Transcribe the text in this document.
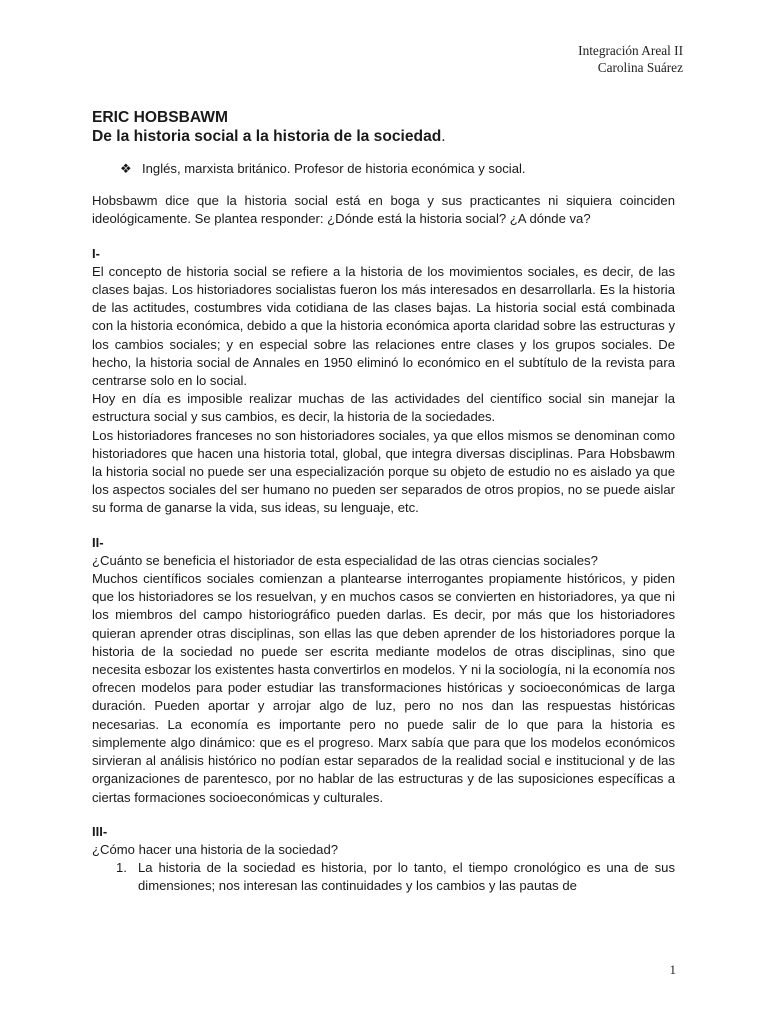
Integración Areal II
Carolina Suárez
ERIC HOBSBAWM
De la historia social a la historia de la sociedad.
❖ Inglés, marxista británico. Profesor de historia económica y social.

Hobsbawm dice que la historia social está en boga y sus practicantes ni siquiera coinciden ideológicamente. Se plantea responder: ¿Dónde está la historia social? ¿A dónde va?

I-

El concepto de historia social se refiere a la historia de los movimientos sociales, es decir, de las clases bajas. Los historiadores socialistas fueron los más interesados en desarrollarla. Es la historia de las actitudes, costumbres vida cotidiana de las clases bajas. La historia social está combinada con la historia económica, debido a que la historia económica aporta claridad sobre las estructuras y los cambios sociales; y en especial sobre las relaciones entre clases y los grupos sociales. De hecho, la historia social de Annales en 1950 eliminó lo económico en el subtítulo de la revista para centrarse solo en lo social.

Hoy en día es imposible realizar muchas de las actividades del científico social sin manejar la estructura social y sus cambios, es decir, la historia de la sociedades.

Los historiadores franceses no son historiadores sociales, ya que ellos mismos se denominan como historiadores que hacen una historia total, global, que integra diversas disciplinas. Para Hobsbawm la historia social no puede ser una especialización porque su objeto de estudio no es aislado ya que los aspectos sociales del ser humano no pueden ser separados de otros propios, no se puede aislar su forma de ganarse la vida, sus ideas, su lenguaje, etc.

II-

¿Cuánto se beneficia el historiador de esta especialidad de las otras ciencias sociales?

Muchos científicos sociales comienzan a plantearse interrogantes propiamente históricos, y piden que los historiadores se los resuelvan, y en muchos casos se convierten en historiadores, ya que ni los miembros del campo historiográfico pueden darlas. Es decir, por más que los historiadores quieran aprender otras disciplinas, son ellas las que deben aprender de los historiadores porque la historia de la sociedad no puede ser escrita mediante modelos de otras disciplinas, sino que necesita esbozar los existentes hasta convertirlos en modelos. Y ni la sociología, ni la economía nos ofrecen modelos para poder estudiar las transformaciones históricas y socioeconómicas de larga duración. Pueden aportar y arrojar algo de luz, pero no nos dan las respuestas históricas necesarias. La economía es importante pero no puede salir de lo que para la historia es simplemente algo dinámico: que es el progreso. Marx sabía que para que los modelos económicos sirvieran al análisis histórico no podían estar separados de la realidad social e institucional y de las organizaciones de parentesco, por no hablar de las estructuras y de las suposiciones específicas a ciertas formaciones socioeconómicas y culturales.

III-

¿Cómo hacer una historia de la sociedad?

1. La historia de la sociedad es historia, por lo tanto, el tiempo cronológico es una de sus dimensiones; nos interesan las continuidades y los cambios y las pautas de
1
